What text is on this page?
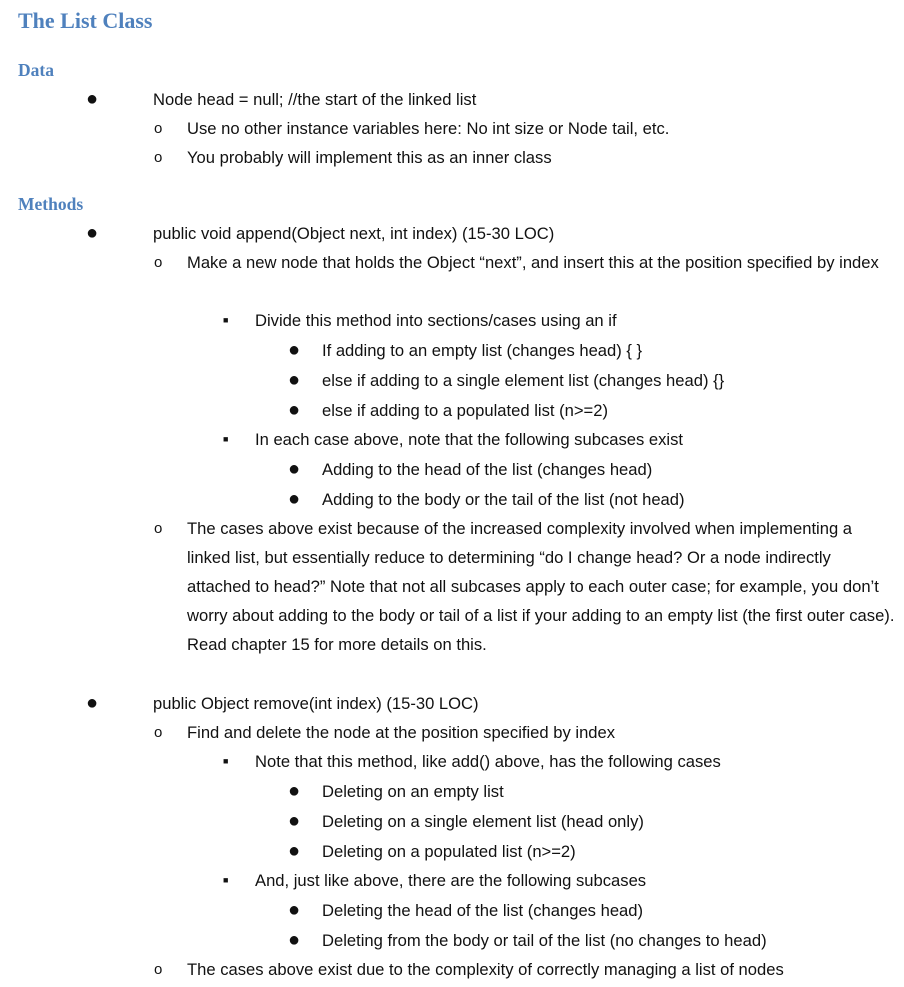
The List Class
Data
●	Node head = null; //the start of the linked list
o Use no other instance variables here: No int size or Node tail, etc.
o You probably will implement this as an inner class
Methods
●	public void append(Object next, int index) (15-30 LOC)
o Make a new node that holds the Object “next”, and insert this at the position specified by index
■ Divide this method into sections/cases using an if
● If adding to an empty list (changes head) { }
● else if adding to a single element list (changes head) {}
● else if adding to a populated list (n>=2)
■ In each case above, note that the following subcases exist
● Adding to the head of the list (changes head)
● Adding to the body or the tail of the list (not head)
o The cases above exist because of the increased complexity involved when implementing a linked list, but essentially reduce to determining “do I change head? Or a node indirectly attached to head?” Note that not all subcases apply to each outer case; for example, you don’t worry about adding to the body or tail of a list if your adding to an empty list (the first outer case). Read chapter 15 for more details on this.
●	public Object remove(int index) (15-30 LOC)
o Find and delete the node at the position specified by index
■ Note that this method, like add() above, has the following cases
● Deleting on an empty list
● Deleting on a single element list (head only)
● Deleting on a populated list (n>=2)
■ And, just like above, there are the following subcases
● Deleting the head of the list (changes head)
● Deleting from the body or tail of the list (no changes to head)
o The cases above exist due to the complexity of correctly managing a list of nodes
